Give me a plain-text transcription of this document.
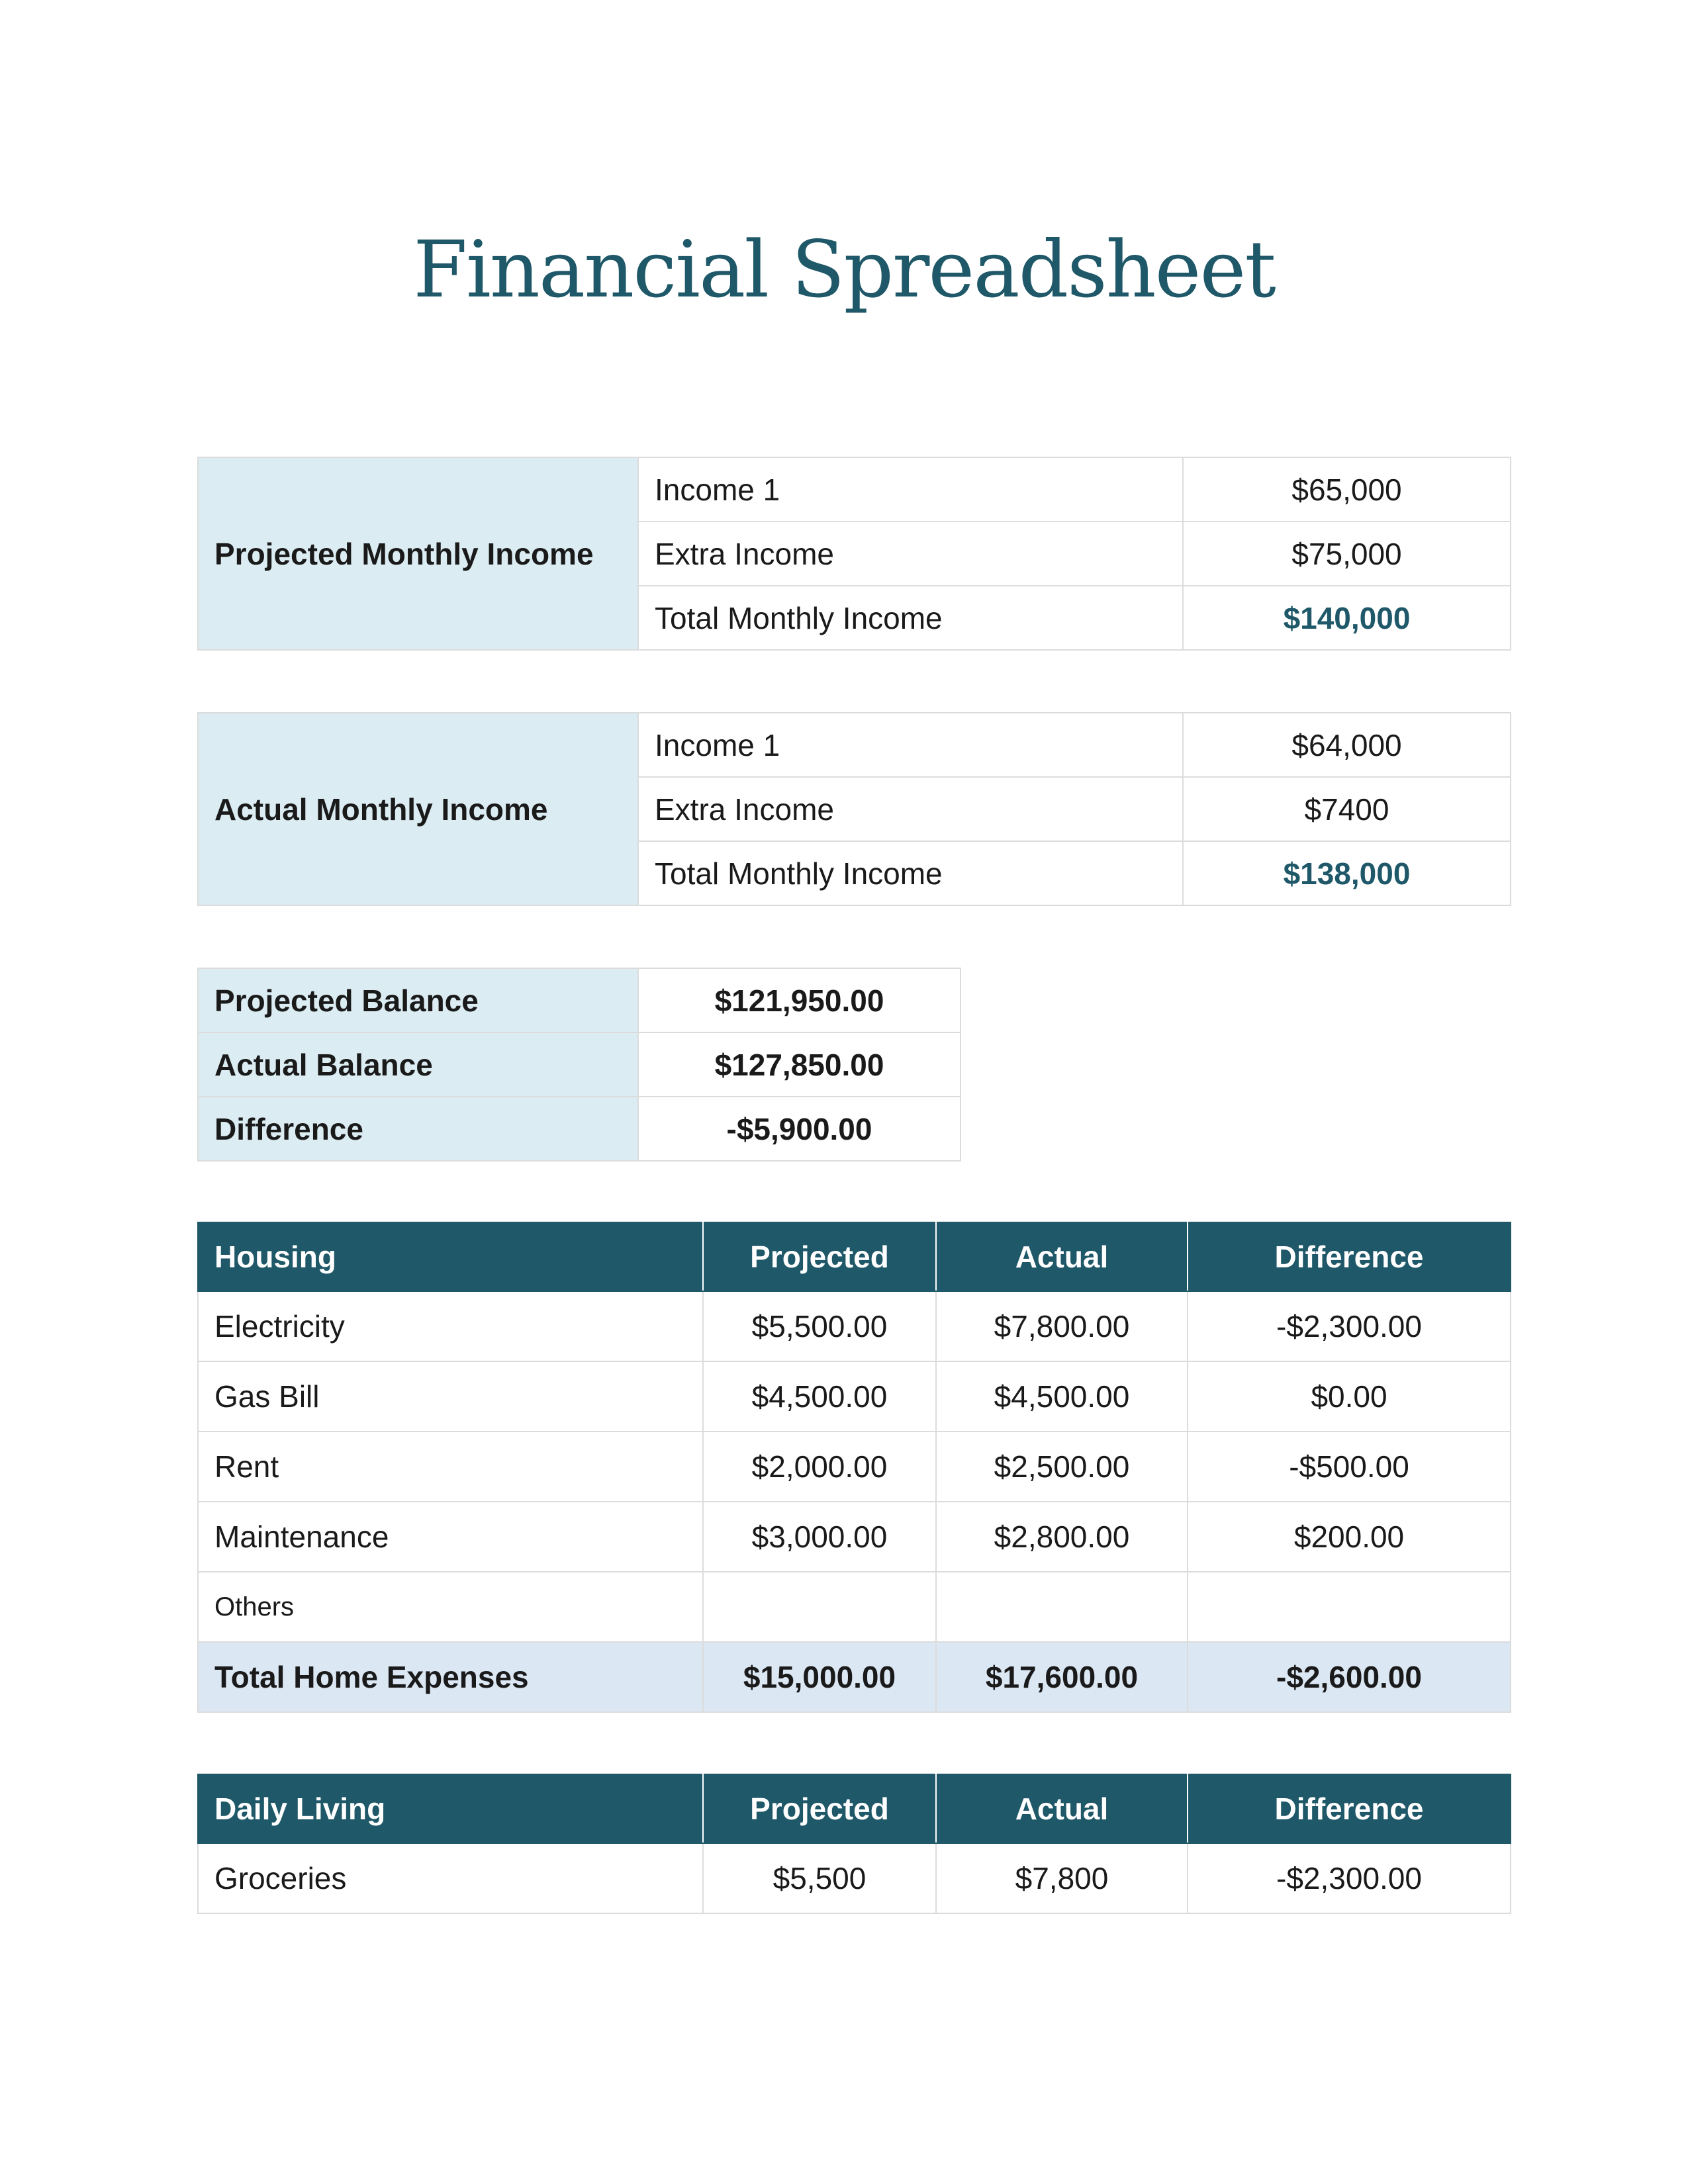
Financial Spreadsheet
Projected Monthly Income	Income 1	$65,000
	Extra Income	$75,000
	Total Monthly Income	$140,000
Actual Monthly Income	Income 1	$64,000
	Extra Income	$7400
	Total Monthly Income	$138,000
Projected Balance	$121,950.00
Actual Balance	$127,850.00
Difference	-$5,900.00
Housing	Projected	Actual	Difference
Electricity	$5,500.00	$7,800.00	-$2,300.00
Gas Bill	$4,500.00	$4,500.00	$0.00
Rent	$2,000.00	$2,500.00	-$500.00
Maintenance	$3,000.00	$2,800.00	$200.00
Others			
Total Home Expenses	$15,000.00	$17,600.00	-$2,600.00
Daily Living	Projected	Actual	Difference
Groceries	$5,500	$7,800	-$2,300.00
